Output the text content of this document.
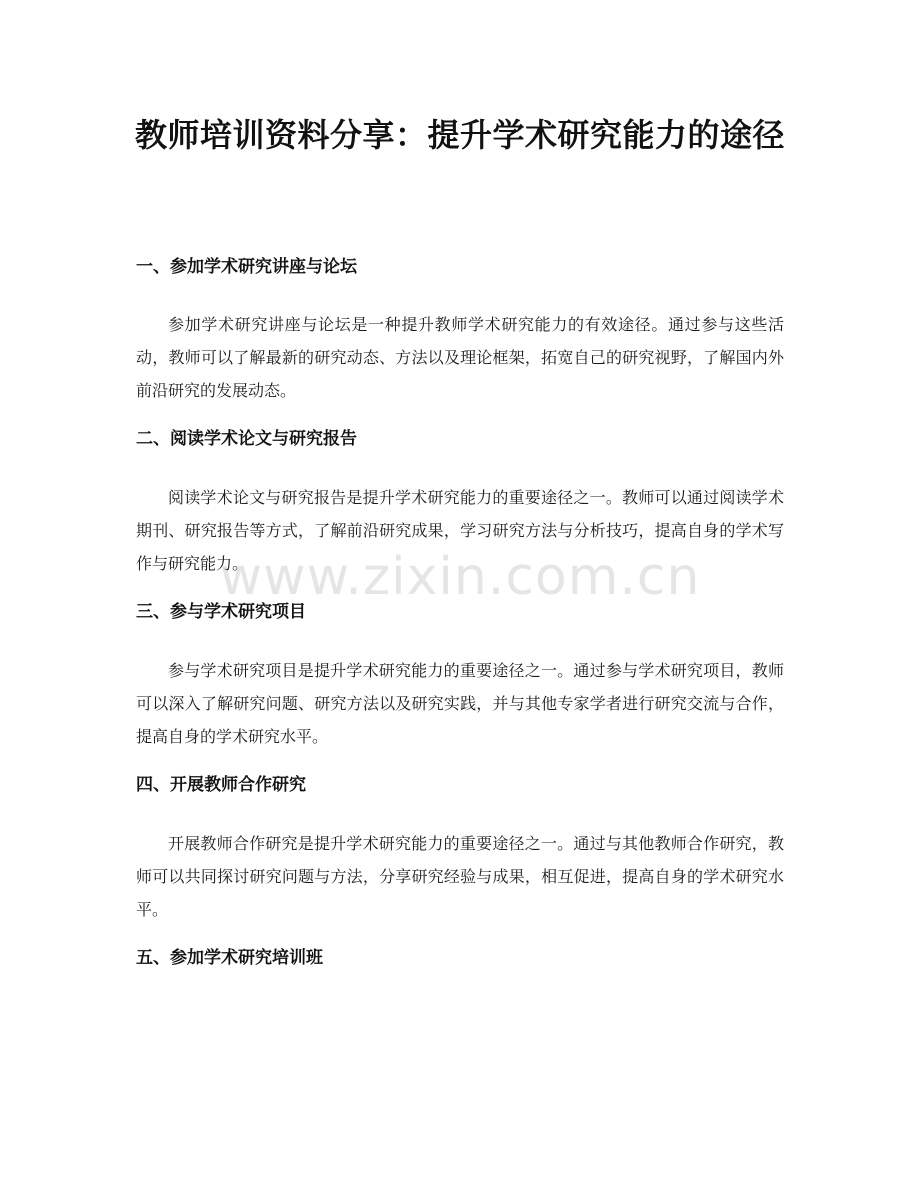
教师培训资料分享：提升学术研究能力的途径
一、参加学术研究讲座与论坛

参加学术研究讲座与论坛是一种提升教师学术研究能力的有效途径。通过参与这些活动，教师可以了解最新的研究动态、方法以及理论框架，拓宽自己的研究视野，了解国内外前沿研究的发展动态。

二、阅读学术论文与研究报告

阅读学术论文与研究报告是提升学术研究能力的重要途径之一。教师可以通过阅读学术期刊、研究报告等方式，了解前沿研究成果，学习研究方法与分析技巧，提高自身的学术写作与研究能力。

三、参与学术研究项目

参与学术研究项目是提升学术研究能力的重要途径之一。通过参与学术研究项目，教师可以深入了解研究问题、研究方法以及研究实践，并与其他专家学者进行研究交流与合作，提高自身的学术研究水平。

四、开展教师合作研究

开展教师合作研究是提升学术研究能力的重要途径之一。通过与其他教师合作研究，教师可以共同探讨研究问题与方法，分享研究经验与成果，相互促进，提高自身的学术研究水平。

五、参加学术研究培训班
www.zixin.com.cn
